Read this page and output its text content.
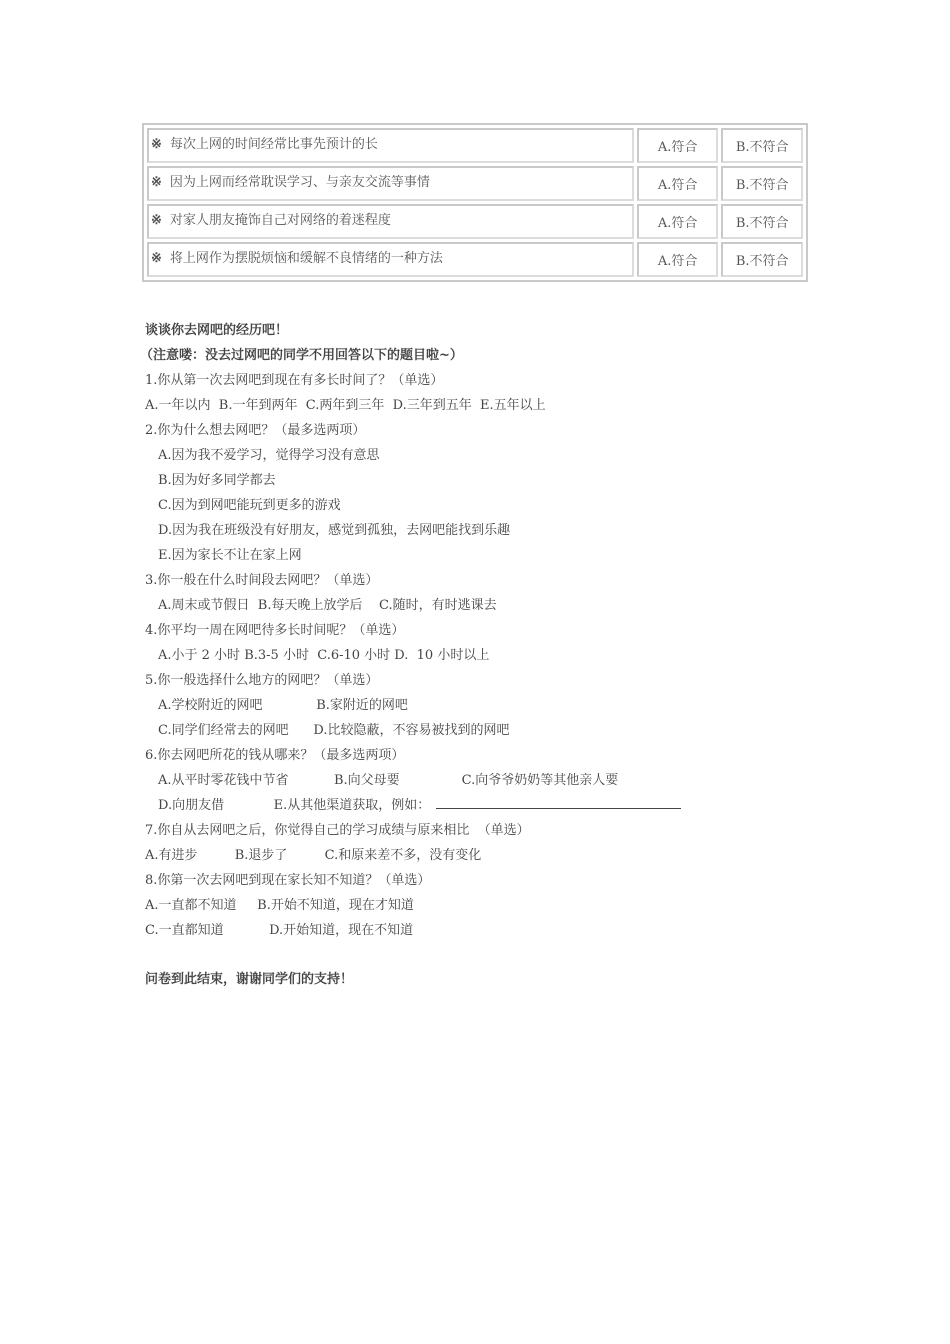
※ 每次上网的时间经常比事先预计的长	A.符合	B.不符合
※ 因为上网而经常耽误学习、与亲友交流等事情	A.符合	B.不符合
※ 对家人朋友掩饰自己对网络的着迷程度	A.符合	B.不符合
※ 将上网作为摆脱烦恼和缓解不良情绪的一种方法	A.符合	B.不符合
谈谈你去网吧的经历吧！
（注意喽：没去过网吧的同学不用回答以下的题目啦~）
1.你从第一次去网吧到现在有多长时间了？（单选）
A.一年以内  B.一年到两年  C.两年到三年  D.三年到五年  E.五年以上
2.你为什么想去网吧？（最多选两项）
A.因为我不爱学习，觉得学习没有意思
B.因为好多同学都去
C.因为到网吧能玩到更多的游戏
D.因为我在班级没有好朋友，感觉到孤独，去网吧能找到乐趣
E.因为家长不让在家上网
3.你一般在什么时间段去网吧？（单选）
A.周末或节假日  B.每天晚上放学后    C.随时，有时逃课去
4.你平均一周在网吧待多长时间呢？（单选）
A.小于 2 小时 B.3-5 小时  C.6-10 小时 D.  10 小时以上
5.你一般选择什么地方的网吧？（单选）
A.学校附近的网吧             B.家附近的网吧
C.同学们经常去的网吧      D.比较隐蔽，不容易被找到的网吧
6.你去网吧所花的钱从哪来？（最多选两项）
A.从平时零花钱中节省           B.向父母要               C.向爷爷奶奶等其他亲人要
D.向朋友借            E.从其他渠道获取，例如：
7.你自从去网吧之后，你觉得自己的学习成绩与原来相比  （单选）
A.有进步         B.退步了         C.和原来差不多，没有变化
8.你第一次去网吧到现在家长知不知道？（单选）
A.一直都不知道     B.开始不知道，现在才知道
C.一直都知道           D.开始知道，现在不知道
问卷到此结束，谢谢同学们的支持！
